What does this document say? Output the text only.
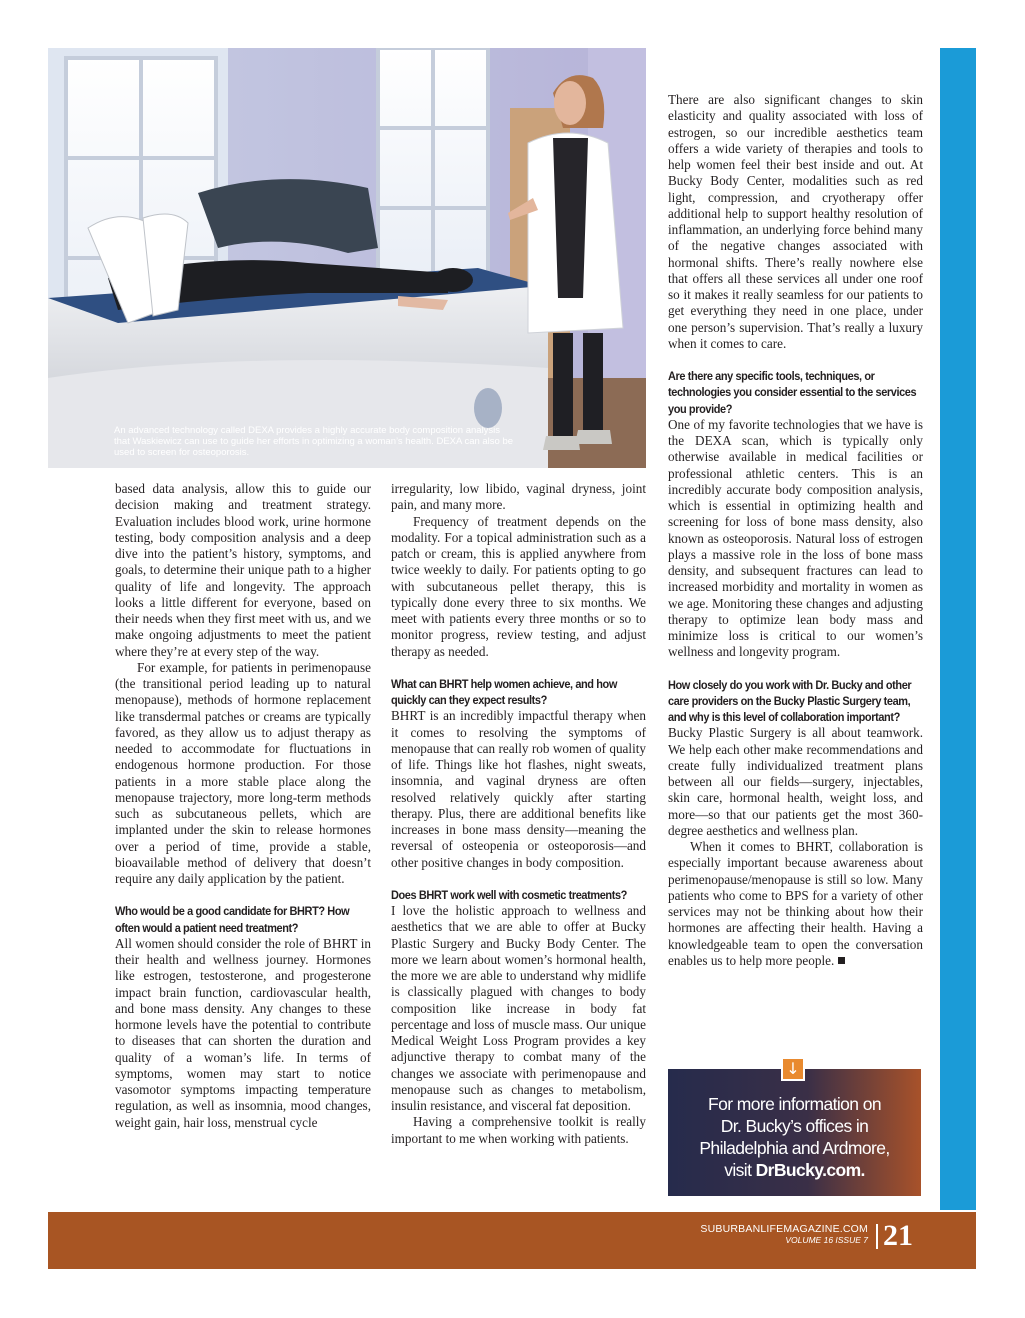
An advanced technology called DEXA provides a highly accurate body composition analysis that Waskiewicz can use to guide her efforts in optimizing a woman’s health. DEXA can also be used to screen for osteoporosis.

based data analysis, allow this to guide our decision making and treatment strategy. Evaluation includes blood work, urine hormone testing, body composition analysis and a deep dive into the patient’s history, symptoms, and goals, to determine their unique path to a higher quality of life and longevity. The approach looks a little different for everyone, based on their needs when they first meet with us, and we make ongoing adjustments to meet the patient where they’re at every step of the way.

For example, for patients in perimenopause (the transitional period leading up to natural menopause), methods of hormone replacement like transdermal patches or creams are typically favored, as they allow us to adjust therapy as needed to accommodate for fluctuations in endogenous hormone production. For those patients in a more stable place along the menopause trajectory, more long-term methods such as subcutaneous pellets, which are implanted under the skin to release hormones over a period of time, provide a stable, bioavailable method of delivery that doesn’t require any daily application by the patient.

Who would be a good candidate for BHRT? How often would a patient need treatment?

All women should consider the role of BHRT in their health and wellness journey. Hormones like estrogen, testosterone, and progesterone impact brain function, cardiovascular health, and bone mass density. Any changes to these hormone levels have the potential to contribute to diseases that can shorten the duration and quality of a woman’s life. In terms of symptoms, women may start to notice vasomotor symptoms impacting temperature regulation, as well as insomnia, mood changes, weight gain, hair loss, menstrual cycle

irregularity, low libido, vaginal dryness, joint pain, and many more.

Frequency of treatment depends on the modality. For a topical administration such as a patch or cream, this is applied anywhere from twice weekly to daily. For patients opting to go with subcutaneous pellet therapy, this is typically done every three to six months. We meet with patients every three months or so to monitor progress, review testing, and adjust therapy as needed.

What can BHRT help women achieve, and how quickly can they expect results?

BHRT is an incredibly impactful therapy when it comes to resolving the symptoms of menopause that can really rob women of quality of life. Things like hot flashes, night sweats, insomnia, and vaginal dryness are often resolved relatively quickly after starting therapy. Plus, there are additional benefits like increases in bone mass density—meaning the reversal of osteopenia or osteoporosis—and other positive changes in body composition.

Does BHRT work well with cosmetic treatments?

I love the holistic approach to wellness and aesthetics that we are able to offer at Bucky Plastic Surgery and Bucky Body Center. The more we learn about women’s hormonal health, the more we are able to understand why midlife is classically plagued with changes to body composition like increase in body fat percentage and loss of muscle mass. Our unique Medical Weight Loss Program provides a key adjunctive therapy to combat many of the changes we associate with perimenopause and menopause such as changes to metabolism, insulin resistance, and visceral fat deposition.

Having a comprehensive toolkit is really important to me when working with patients.

There are also significant changes to skin elasticity and quality associated with loss of estrogen, so our incredible aesthetics team offers a wide variety of therapies and tools to help women feel their best inside and out. At Bucky Body Center, modalities such as red light, compression, and cryotherapy offer additional help to support healthy resolution of inflammation, an underlying force behind many of the negative changes associated with hormonal shifts. There’s really nowhere else that offers all these services all under one roof so it makes it really seamless for our patients to get everything they need in one place, under one person’s supervision. That’s really a luxury when it comes to care.

Are there any specific tools, techniques, or technologies you consider essential to the services you provide?

One of my favorite technologies that we have is the DEXA scan, which is typically only otherwise available in medical facilities or professional athletic centers. This is an incredibly accurate body composition analysis, which is essential in optimizing health and screening for loss of bone mass density, also known as osteoporosis. Natural loss of estrogen plays a massive role in the loss of bone mass density, and subsequent fractures can lead to increased morbidity and mortality in women as we age. Monitoring these changes and adjusting therapy to optimize lean body mass and minimize loss is critical to our women’s wellness and longevity program.

How closely do you work with Dr. Bucky and other care providers on the Bucky Plastic Surgery team, and why is this level of collaboration important?

Bucky Plastic Surgery is all about teamwork. We help each other make recommendations and create fully individualized treatment plans between all our fields—surgery, injectables, skin care, hormonal health, weight loss, and more—so that our patients get the most 360-degree aesthetics and wellness plan.

When it comes to BHRT, collaboration is especially important because awareness about perimenopause/menopause is still so low. Many patients who come to BPS for a variety of other services may not be thinking about how their hormones are affecting their health. Having a knowledgeable team to open the conversation enables us to help more people.

For more information on
Dr. Bucky’s offices in
Philadelphia and Ardmore,
visit DrBucky.com.
↓
SUBURBANLIFEMAGAZINE.COM
VOLUME 16 ISSUE 7 21
